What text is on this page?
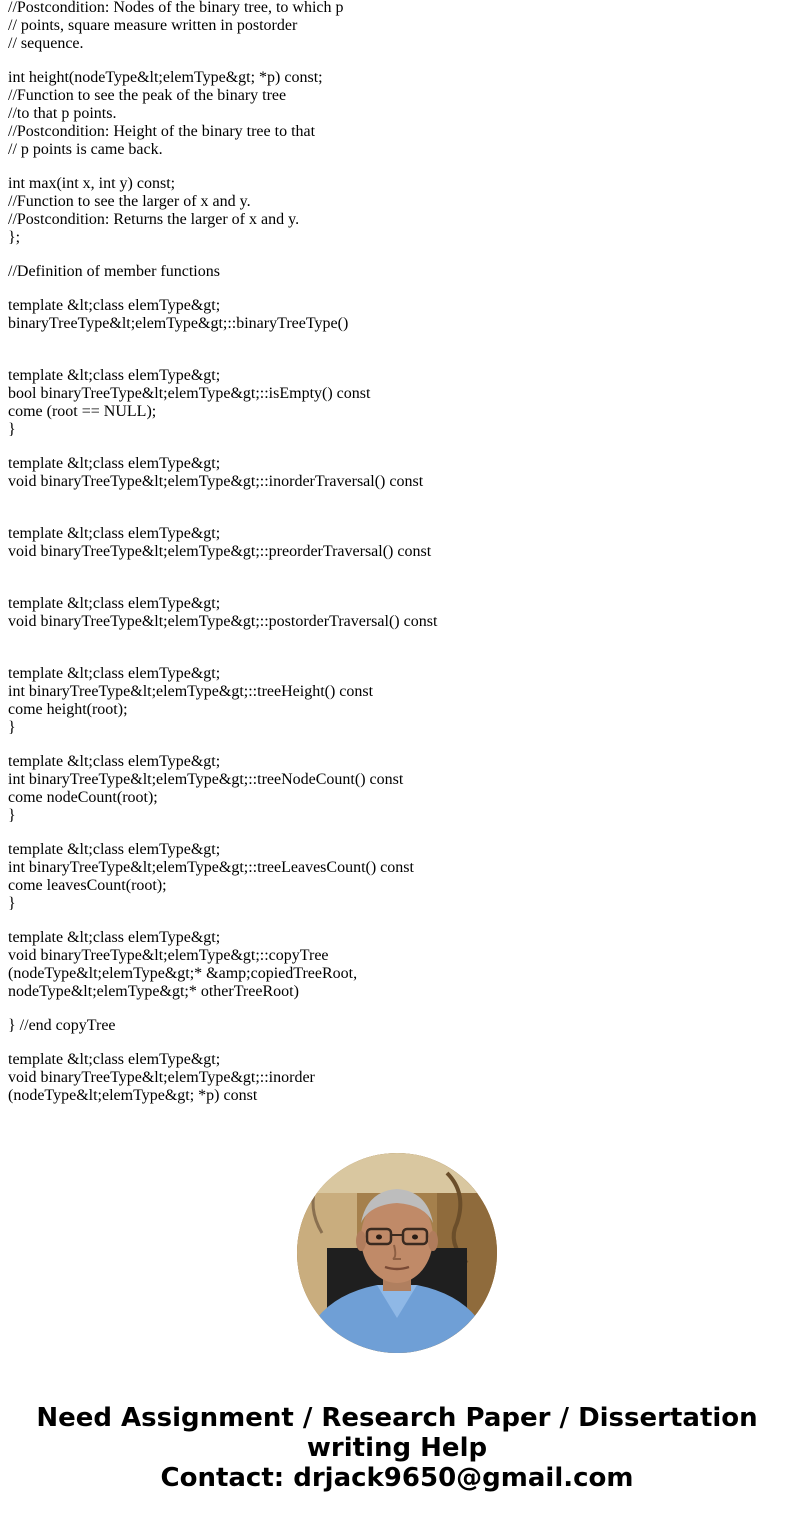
//Postcondition: Nodes of the binary tree, to which p
// points, square measure written in postorder
// sequence.
int height(nodeType&lt;elemType&gt; *p) const;
//Function to see the peak of the binary tree
//to that p points.
//Postcondition: Height of the binary tree to that
// p points is came back.
int max(int x, int y) const;
//Function to see the larger of x and y.
//Postcondition: Returns the larger of x and y.
};
//Definition of member functions
template &lt;class elemType&gt;
binaryTreeType&lt;elemType&gt;::binaryTreeType()
template &lt;class elemType&gt;
bool binaryTreeType&lt;elemType&gt;::isEmpty() const
come (root == NULL);
}
template &lt;class elemType&gt;
void binaryTreeType&lt;elemType&gt;::inorderTraversal() const
template &lt;class elemType&gt;
void binaryTreeType&lt;elemType&gt;::preorderTraversal() const
template &lt;class elemType&gt;
void binaryTreeType&lt;elemType&gt;::postorderTraversal() const
template &lt;class elemType&gt;
int binaryTreeType&lt;elemType&gt;::treeHeight() const
come height(root);
}
template &lt;class elemType&gt;
int binaryTreeType&lt;elemType&gt;::treeNodeCount() const
come nodeCount(root);
}
template &lt;class elemType&gt;
int binaryTreeType&lt;elemType&gt;::treeLeavesCount() const
come leavesCount(root);
}
template &lt;class elemType&gt;
void binaryTreeType&lt;elemType&gt;::copyTree
(nodeType&lt;elemType&gt;* &amp;copiedTreeRoot,
nodeType&lt;elemType&gt;* otherTreeRoot)
} //end copyTree
template &lt;class elemType&gt;
void binaryTreeType&lt;elemType&gt;::inorder
(nodeType&lt;elemType&gt; *p) const
Need Assignment / Research Paper / Dissertation
writing Help
Contact: drjack9650@gmail.com
